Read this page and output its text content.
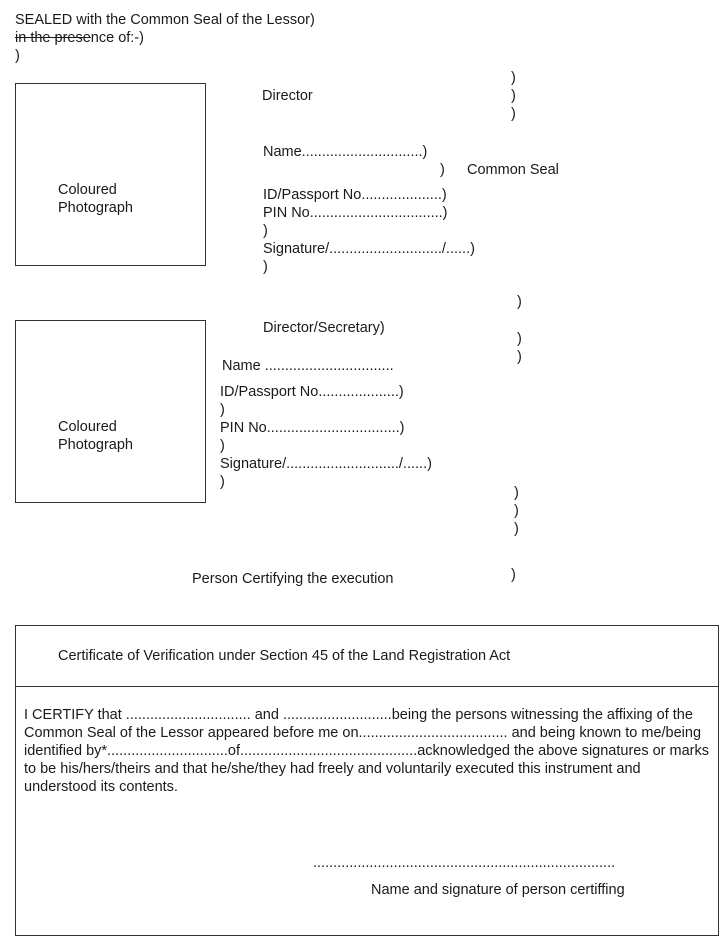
SEALED with the Common Seal of the Lessor)
in the presence of:-)
)
Coloured
Photograph
Director
)
)
)
Name..............................)
) Common Seal
ID/Passport No....................)
PIN No.................................)
)
Signature/............................/......)
)
)
Coloured
Photograph
Director/Secretary)
)
)
Name ................................
ID/Passport No....................)
)
PIN No.................................)
)
Signature/............................/......)
)
)
)
)
Person Certifying the execution	)
Certificate of Verification under Section 45 of the Land Registration Act
I CERTIFY that ............................... and ...........................being the persons witnessing the affixing of the Common Seal of the Lessor appeared before me on..................................... and being known to me/being identified by*..............................of............................................acknowledged the above signatures or marks to be his/hers/theirs and that he/she/they had freely and voluntarily executed this instrument and understood its contents.
...........................................................................
Name and signature of person certiffing
